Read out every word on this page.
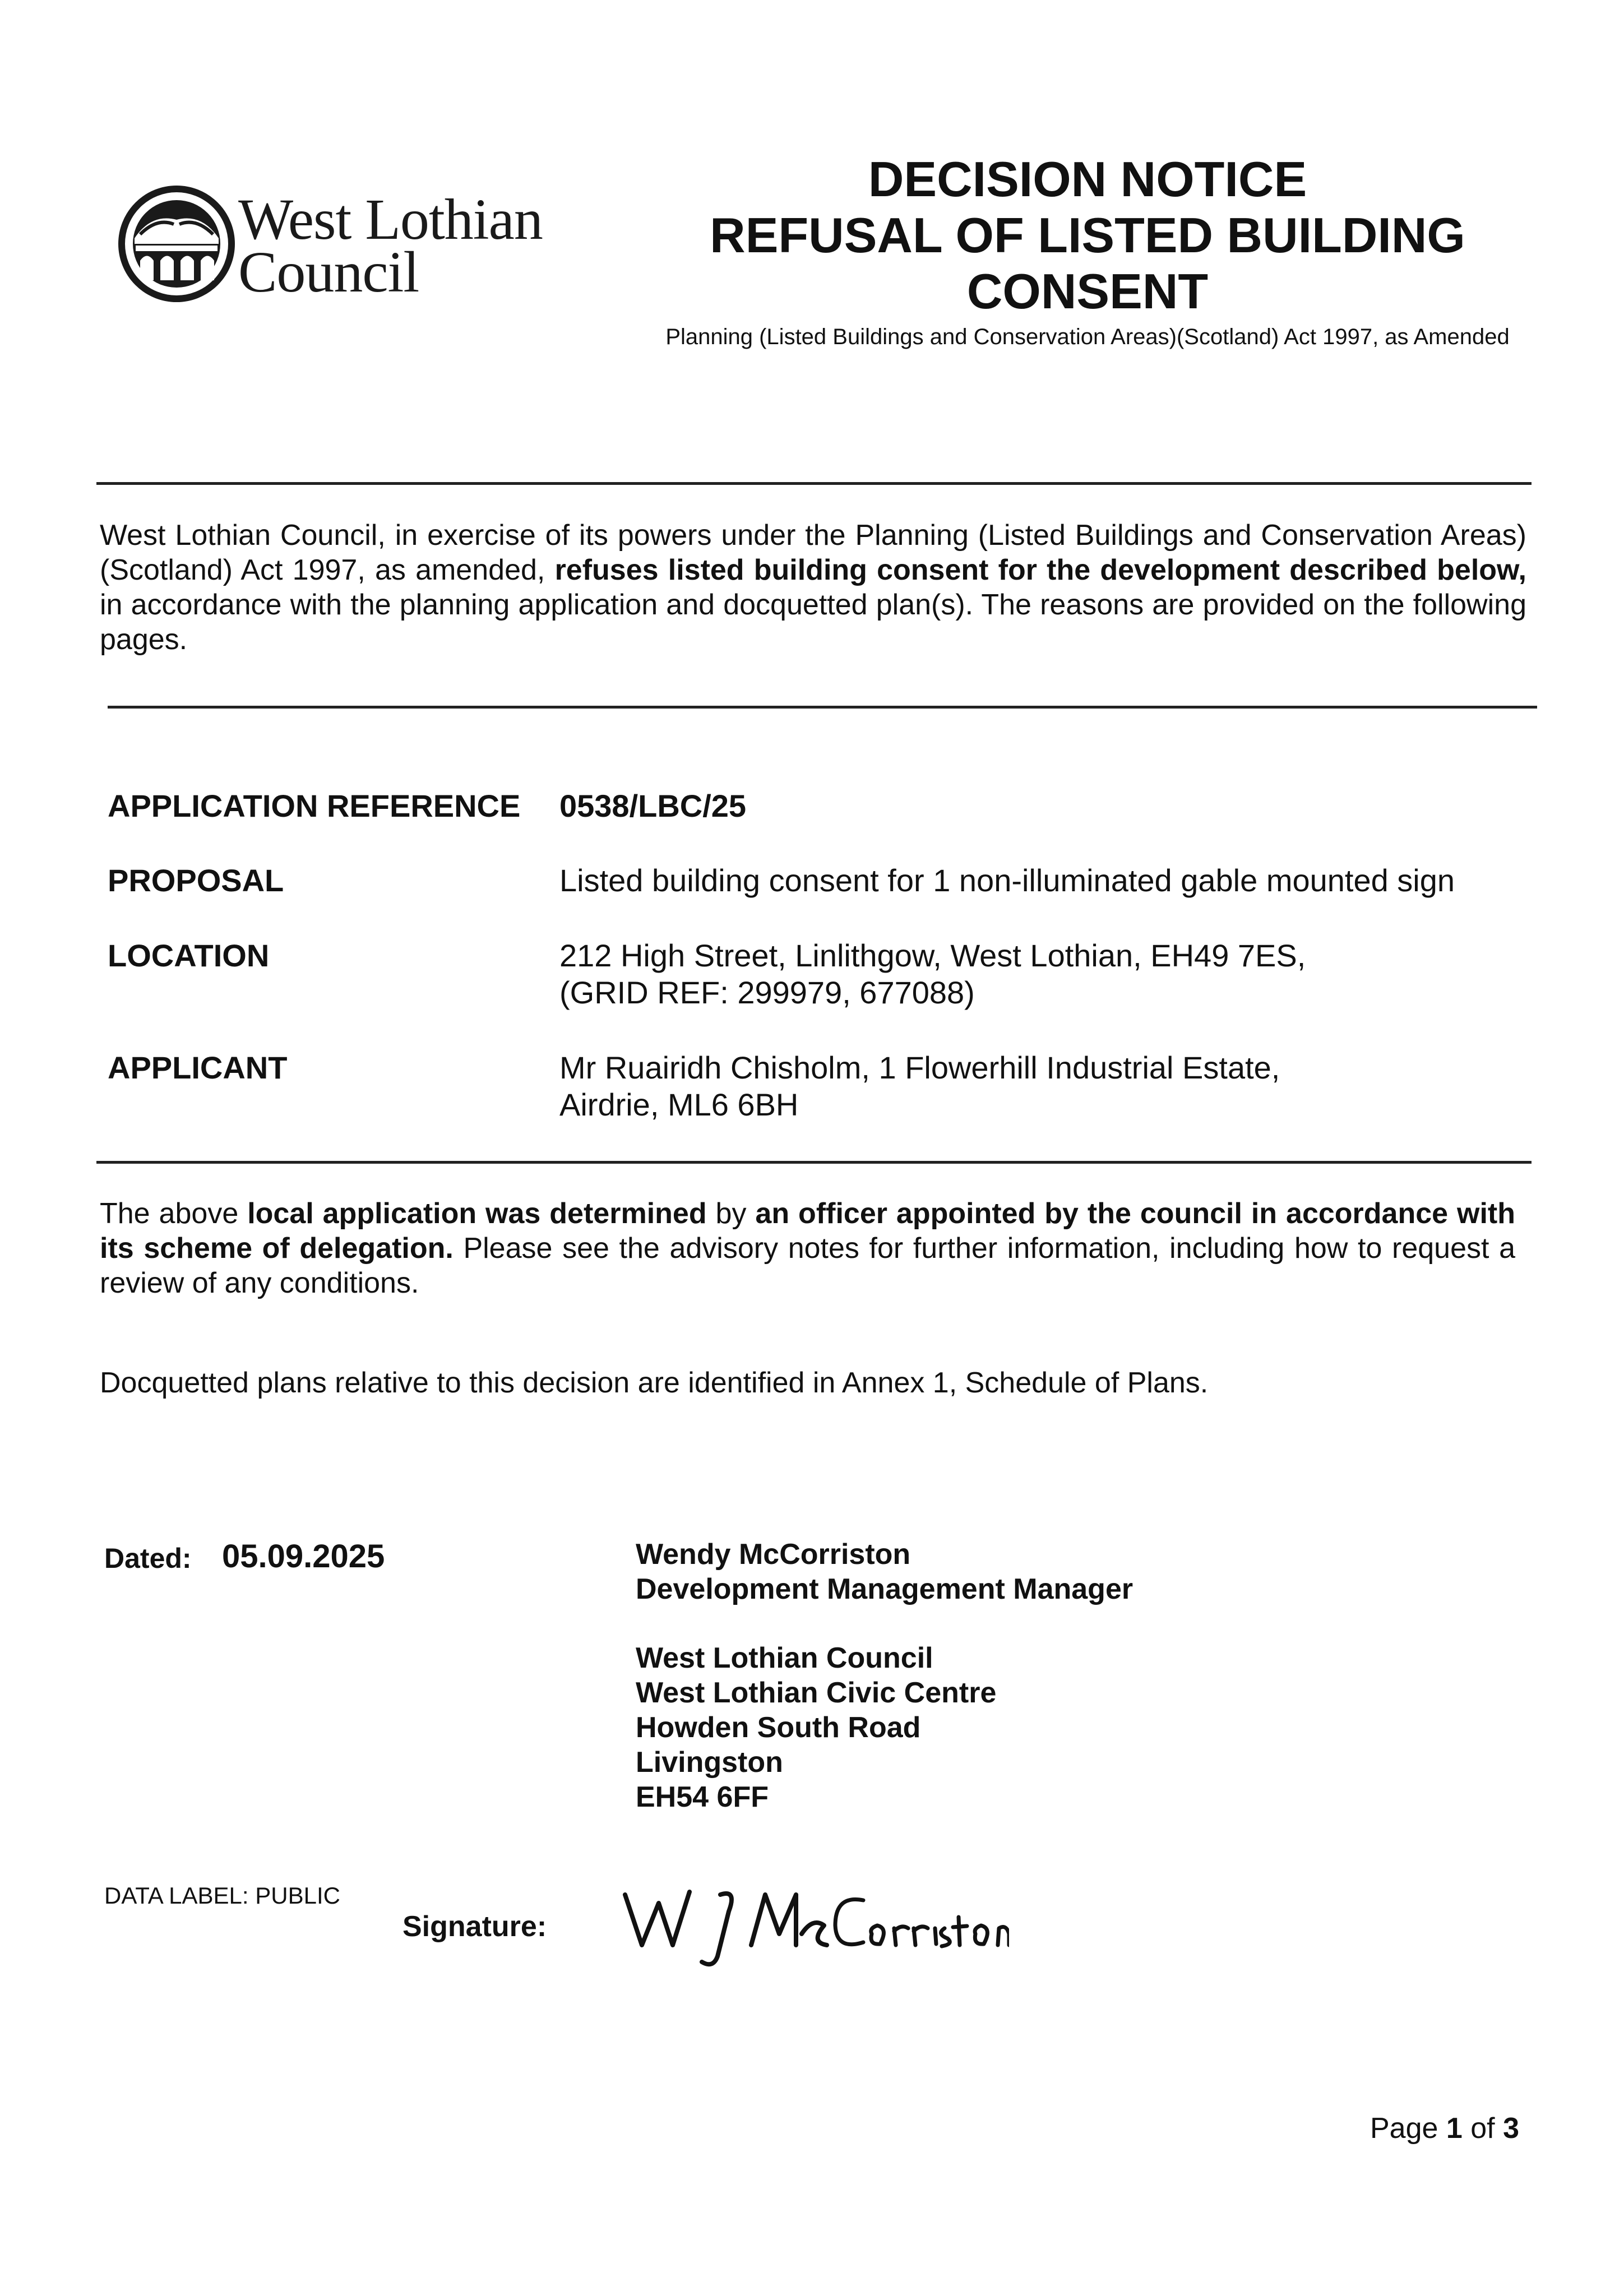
West Lothian
Council
DECISION NOTICE
REFUSAL OF LISTED BUILDING
CONSENT
Planning (Listed Buildings and Conservation Areas)(Scotland) Act 1997, as Amended
West Lothian Council, in exercise of its powers under the Planning (Listed Buildings and Conservation Areas)(Scotland) Act 1997, as amended, refuses listed building consent for the development described below, in accordance with the planning application and docquetted plan(s). The reasons are provided on the following pages.
APPLICATION REFERENCE 0538/LBC/25
PROPOSAL	Listed building consent for 1 non-illuminated gable mounted sign
LOCATION	212 High Street, Linlithgow, West Lothian, EH49 7ES,
(GRID REF: 299979, 677088)
APPLICANT	Mr Ruairidh Chisholm, 1 Flowerhill Industrial Estate,
Airdrie, ML6 6BH
The above local application was determined by an officer appointed by the council in accordance with its scheme of delegation. Please see the advisory notes for further information, including how to request a review of any conditions.
Docquetted plans relative to this decision are identified in Annex 1, Schedule of Plans.
Dated: 05.09.2025	Wendy McCorriston
Development Management Manager
West Lothian Council
West Lothian Civic Centre
Howden South Road
Livingston
EH54 6FF
DATA LABEL: PUBLIC
Signature:
Page 1 of 3
